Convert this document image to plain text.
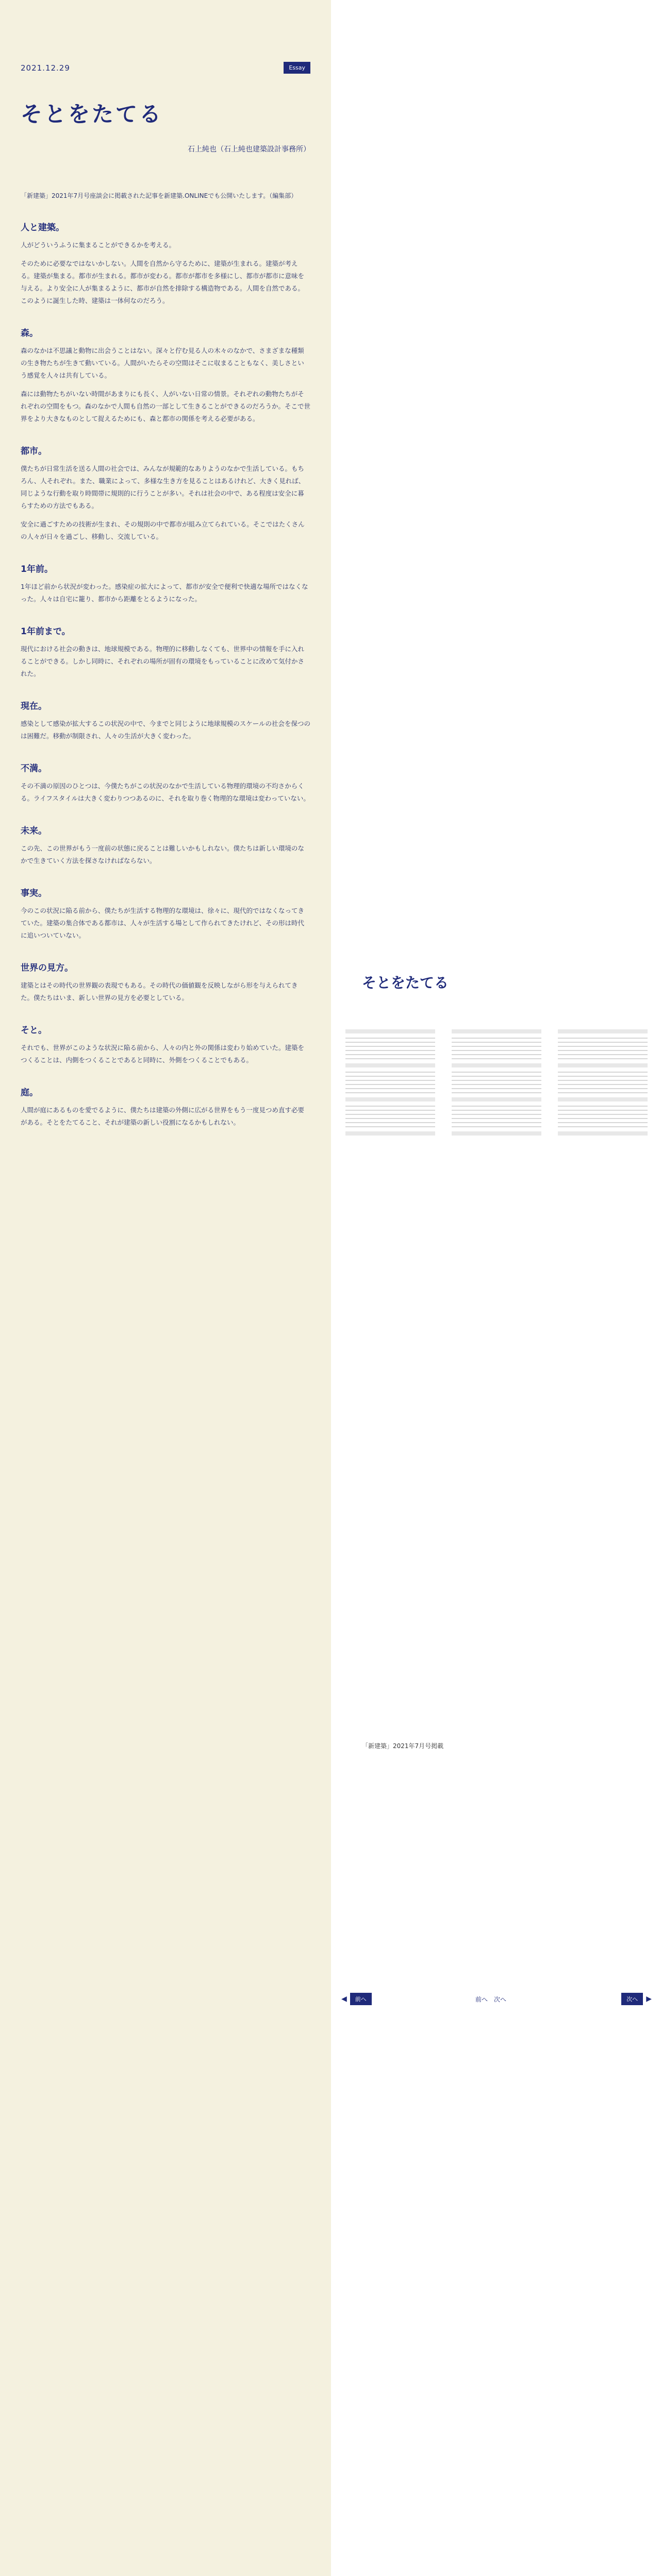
2021.12.29	Essay
そとをたてる
石上純也（石上純也建築設計事務所）
「新建築」2021年7月号座談会に掲載された記事を新建築.ONLINEでも公開いたします。（編集部）
人と建築。

人がどういうふうに集まることができるかを考える。

そのために必要なではないかしない。人間を自然から守るために、建築が生まれる。建築が考える。建築が集まる。都市が生まれる。都市が変わる。都市が都市を多様にし、都市が都市に意味を与える。より安全に人が集まるように、都市が自然を排除する構造物である。人間を自然である。このように誕生した時、建築は一体何なのだろう。

森。

森のなかは不思議と動物に出会うことはない。深々と佇む見る人の木々のなかで、さまざまな種類の生き物たちが生きて動いている。人間がいたらその空間はそこに収まることもなく、美しさという感覚を人々は共有している。

森には動物たちがいない時間があまりにも長く、人がいない日常の情景。それぞれの動物たちがそれぞれの空間をもつ。森のなかで人間も自然の一部として生きることができるのだろうか。そこで世界をより大きなものとして捉えるためにも、森と都市の関係を考える必要がある。

都市。

僕たちが日常生活を送る人間の社会では、みんなが規範的なありようのなかで生活している。もちろん、人それぞれ。また、職業によって、多様な生き方を見ることはあるけれど、大きく見れば、同じような行動を取り時間帯に規則的に行うことが多い。それは社会の中で、ある程度は安全に暮らすための方法でもある。

安全に過ごすための技術が生まれ、その規則の中で都市が組み立てられている。そこではたくさんの人々が日々を過ごし、移動し、交流している。

1年前。

1年ほど前から状況が変わった。感染症の拡大によって、都市が安全で便利で快適な場所ではなくなった。人々は自宅に籠り、都市から距離をとるようになった。

1年前まで。

現代における社会の動きは、地球規模である。物理的に移動しなくても、世界中の情報を手に入れることができる。しかし同時に、それぞれの場所が固有の環境をもっていることに改めて気付かされた。

現在。

感染として感染が拡大するこの状況の中で、今までと同じように地球規模のスケールの社会を保つのは困難だ。移動が制限され、人々の生活が大きく変わった。

不満。

その不満の原因のひとつは、今僕たちがこの状況のなかで生活している物理的環境の不均さからくる。ライフスタイルは大きく変わりつつあるのに、それを取り巻く物理的な環境は変わっていない。

未来。

この先、この世界がもう一度前の状態に戻ることは難しいかもしれない。僕たちは新しい環境のなかで生きていく方法を探さなければならない。

事実。

今のこの状況に陥る前から、僕たちが生活する物理的な環境は、徐々に、現代的ではなくなってきていた。建築の集合体である都市は、人々が生活する場として作られてきたけれど、その形は時代に追いついていない。

世界の見方。

建築とはその時代の世界観の表現でもある。その時代の価値観を反映しながら形を与えられてきた。僕たちはいま、新しい世界の見方を必要としている。

そと。

それでも、世界がこのような状況に陥る前から、人々の内と外の関係は変わり始めていた。建築をつくることは、内側をつくることであると同時に、外側をつくることでもある。

庭。

人間が庭にあるものを愛でるように、僕たちは建築の外側に広がる世界をもう一度見つめ直す必要がある。そとをたてること、それが建築の新しい役割になるかもしれない。

そとをたてる
「新建築」2021年7月号掲載
◀	前へ	前へ　次へ	次へ	▶
